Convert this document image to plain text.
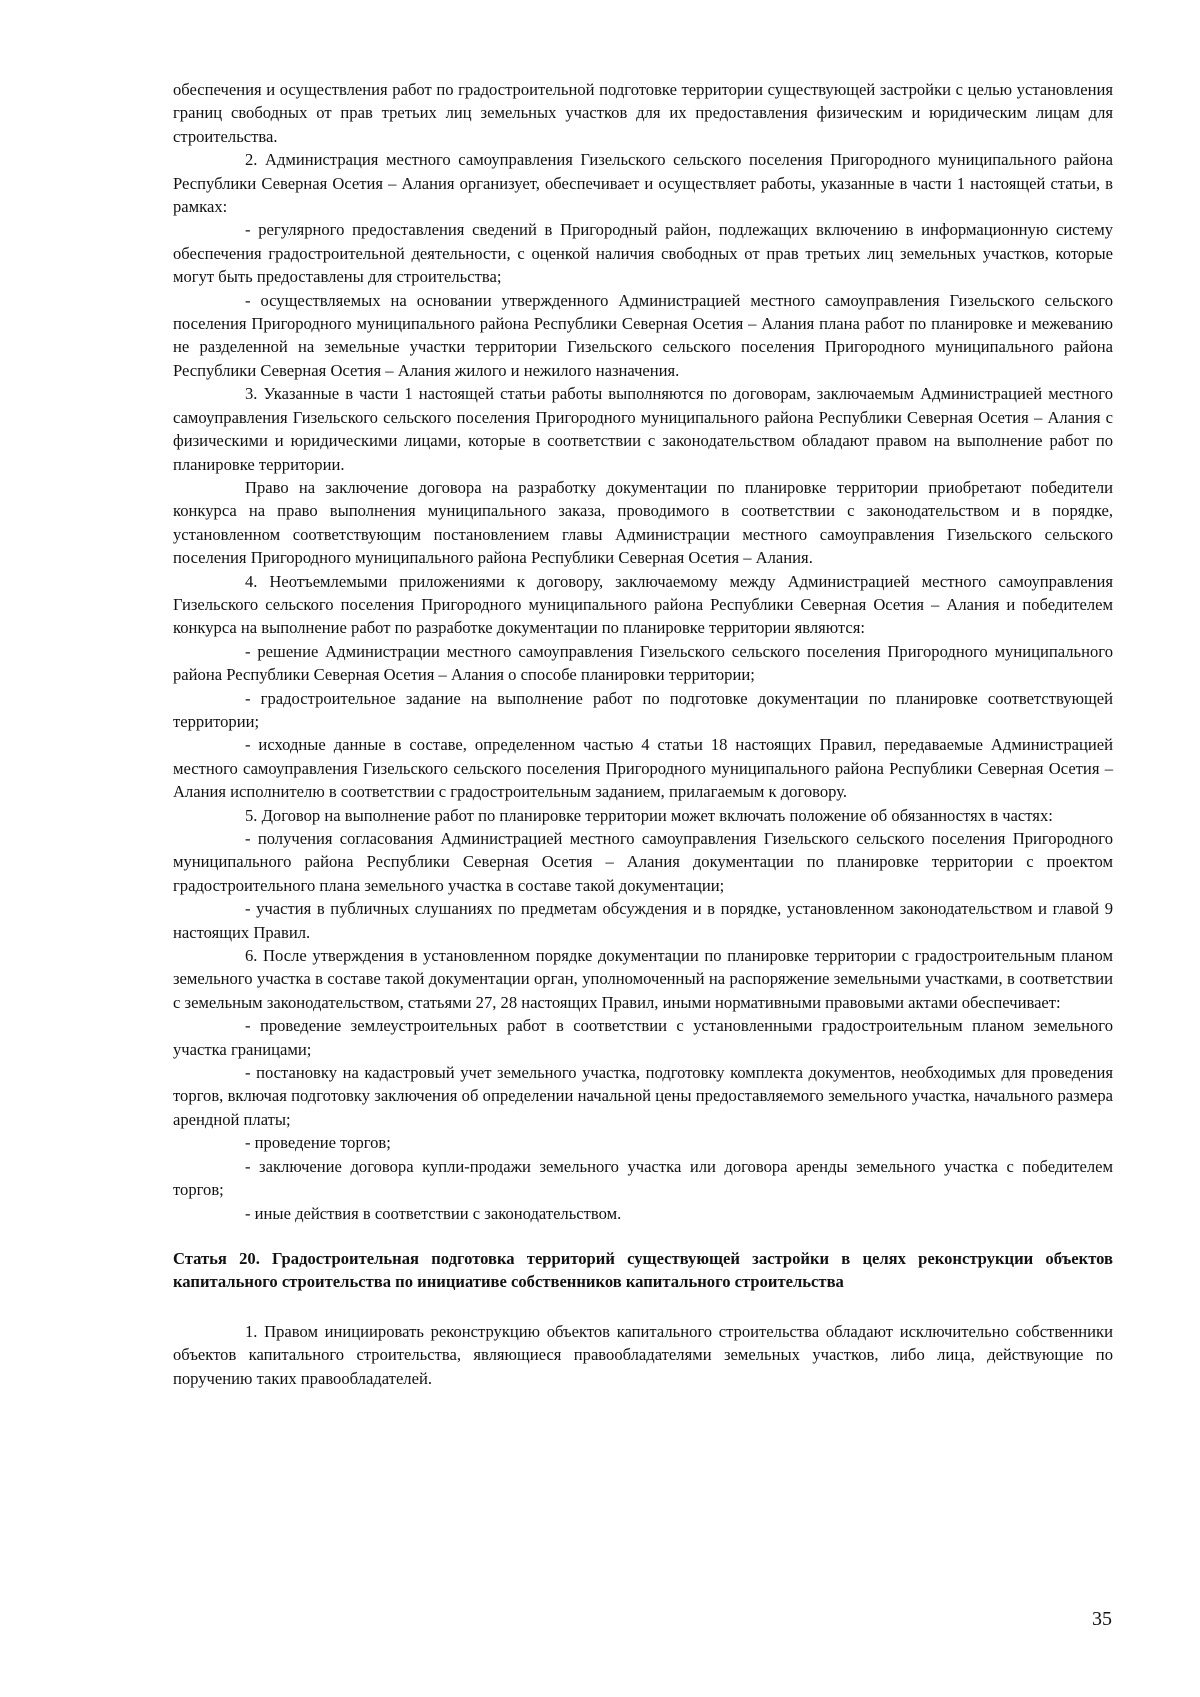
обеспечения и осуществления работ по градостроительной подготовке территории существующей застройки с целью установления границ свободных от прав третьих лиц земельных участков для их предоставления физическим и юридическим лицам для строительства.

2. Администрация местного самоуправления Гизельского сельского поселения Пригородного муниципального района Республики Северная Осетия – Алания организует, обеспечивает и осуществляет работы, указанные в части 1 настоящей статьи, в рамках:

- регулярного предоставления сведений в Пригородный район, подлежащих включению в информационную систему обеспечения градостроительной деятельности, с оценкой наличия свободных от прав третьих лиц земельных участков, которые могут быть предоставлены для строительства;

- осуществляемых на основании утвержденного Администрацией местного самоуправления Гизельского сельского поселения Пригородного муниципального района Республики Северная Осетия – Алания плана работ по планировке и межеванию не разделенной на земельные участки территории Гизельского сельского поселения Пригородного муниципального района Республики Северная Осетия – Алания жилого и нежилого назначения.

3. Указанные в части 1 настоящей статьи работы выполняются по договорам, заключаемым Администрацией местного самоуправления Гизельского сельского поселения Пригородного муниципального района Республики Северная Осетия – Алания с физическими и юридическими лицами, которые в соответствии с законодательством обладают правом на выполнение работ по планировке территории.

Право на заключение договора на разработку документации по планировке территории приобретают победители конкурса на право выполнения муниципального заказа, проводимого в соответствии с законодательством и в порядке, установленном соответствующим постановлением главы Администрации местного самоуправления Гизельского сельского поселения Пригородного муниципального района Республики Северная Осетия – Алания.

4. Неотъемлемыми приложениями к договору, заключаемому между Администрацией местного самоуправления Гизельского сельского поселения Пригородного муниципального района Республики Северная Осетия – Алания и победителем конкурса на выполнение работ по разработке документации по планировке территории являются:

- решение Администрации местного самоуправления Гизельского сельского поселения Пригородного муниципального района Республики Северная Осетия – Алания о способе планировки территории;

- градостроительное задание на выполнение работ по подготовке документации по планировке соответствующей территории;

- исходные данные в составе, определенном частью 4 статьи 18 настоящих Правил, передаваемые Администрацией местного самоуправления Гизельского сельского поселения Пригородного муниципального района Республики Северная Осетия – Алания исполнителю в соответствии с градостроительным заданием, прилагаемым к договору.

5. Договор на выполнение работ по планировке территории может включать положение об обязанностях в частях:

- получения согласования Администрацией местного самоуправления Гизельского сельского поселения Пригородного муниципального района Республики Северная Осетия – Алания документации по планировке территории с проектом градостроительного плана земельного участка в составе такой документации;

- участия в публичных слушаниях по предметам обсуждения и в порядке, установленном законодательством и главой 9 настоящих Правил.

6. После утверждения в установленном порядке документации по планировке территории с градостроительным планом земельного участка в составе такой документации орган, уполномоченный на распоряжение земельными участками, в соответствии с земельным законодательством, статьями 27, 28 настоящих Правил, иными нормативными правовыми актами обеспечивает:

- проведение землеустроительных работ в соответствии с установленными градостроительным планом земельного участка границами;

- постановку на кадастровый учет земельного участка, подготовку комплекта документов, необходимых для проведения торгов, включая подготовку заключения об определении начальной цены предоставляемого земельного участка, начального размера арендной платы;

- проведение торгов;

- заключение договора купли-продажи земельного участка или договора аренды земельного участка с победителем торгов;

- иные действия в соответствии с законодательством.

Статья 20. Градостроительная подготовка территорий существующей застройки в целях реконструкции объектов капитального строительства по инициативе собственников капитального строительства

1. Правом инициировать реконструкцию объектов капитального строительства обладают исключительно собственники объектов капитального строительства, являющиеся правообладателями земельных участков, либо лица, действующие по поручению таких правообладателей.

35
